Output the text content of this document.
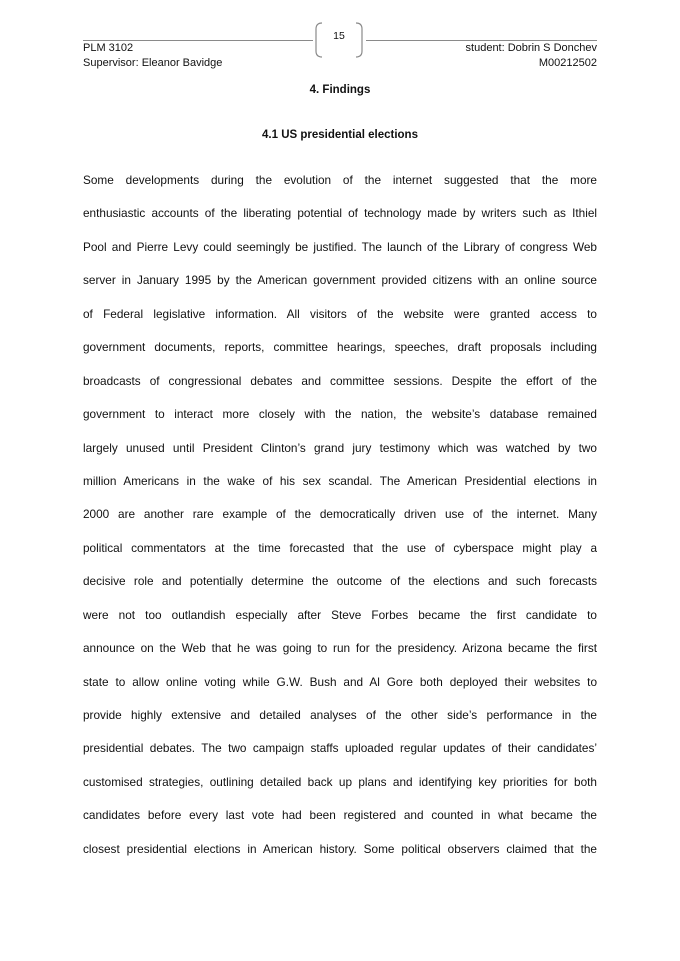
15
PLM 3102
Supervisor: Eleanor Bavidge
student: Dobrin S Donchev
M00212502
4. Findings
4.1 US presidential elections
Some developments during the evolution of the internet suggested that the more
enthusiastic accounts of the liberating potential of technology made by writers such as Ithiel
Pool and Pierre Levy could seemingly be justified. The launch of the Library of congress Web
server in January 1995 by the American government provided citizens with an online source
of Federal legislative information. All visitors of the website were granted access to
government documents, reports, committee hearings, speeches, draft proposals including
broadcasts of congressional debates and committee sessions. Despite the effort of the
government to interact more closely with the nation, the website’s database remained
largely unused until President Clinton’s grand jury testimony which was watched by two
million Americans in the wake of his sex scandal. The American Presidential elections in
2000 are another rare example of the democratically driven use of the internet. Many
political commentators at the time forecasted that the use of cyberspace might play a
decisive role and potentially determine the outcome of the elections and such forecasts
were not too outlandish especially after Steve Forbes became the first candidate to
announce on the Web that he was going to run for the presidency. Arizona became the first
state to allow online voting while G.W. Bush and Al Gore both deployed their websites to
provide highly extensive and detailed analyses of the other side’s performance in the
presidential debates. The two campaign staffs uploaded regular updates of their candidates’
customised strategies, outlining detailed back up plans and identifying key priorities for both
candidates before every last vote had been registered and counted in what became the
closest presidential elections in American history. Some political observers claimed that the
